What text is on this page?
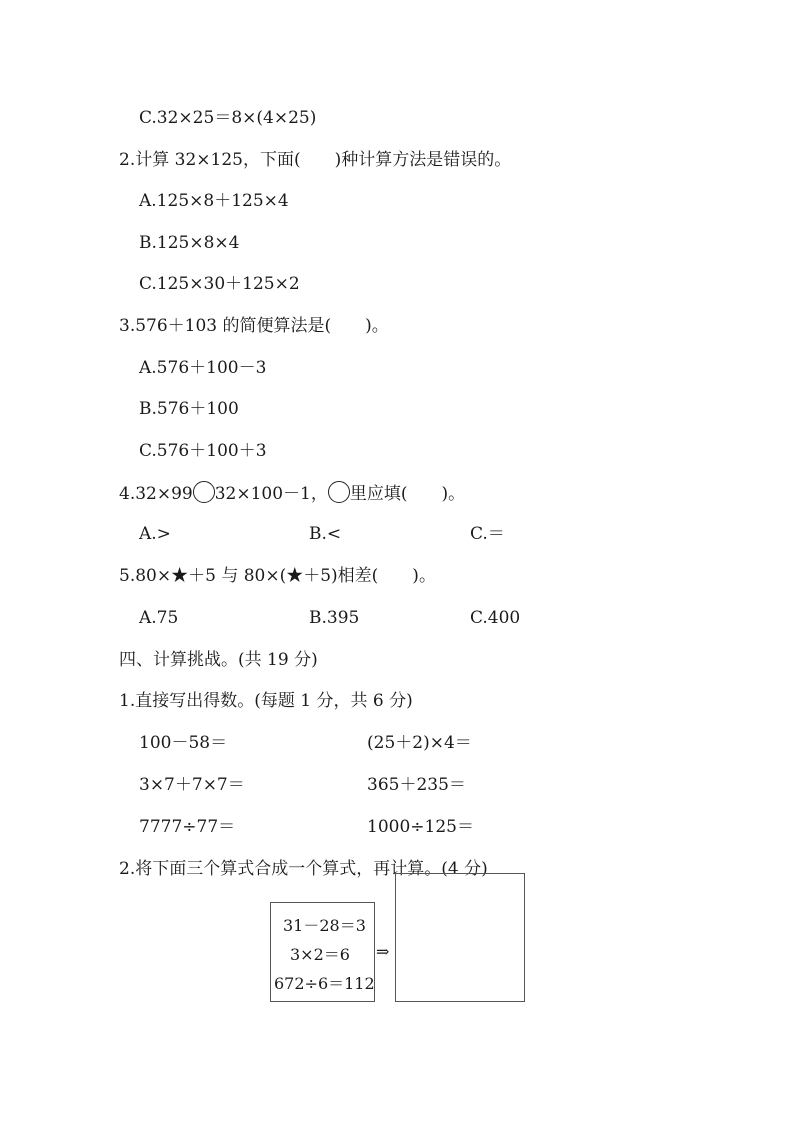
C.32×25＝8×(4×25)
2.计算 32×125，下面(　　)种计算方法是错误的。
A.125×8＋125×4
B.125×8×4
C.125×30＋125×2
3.576＋103 的简便算法是(　　)。
A.576＋100－3
B.576＋100
C.576＋100＋3
4.32×99 32×100－1， 里应填(　　)。
A.>	B.<	C.＝
5.80×★＋5 与 80×(★＋5)相差(　　)。
A.75	B.395	C.400
四、计算挑战。(共 19 分)
1.直接写出得数。(每题 1 分，共 6 分)
100－58＝	(25＋2)×4＝
3×7＋7×7＝	365＋235＝
7777÷77＝	1000÷125＝
2.将下面三个算式合成一个算式，再计算。(4 分)
31－28＝3
3×2＝6
672÷6＝112
⇒
